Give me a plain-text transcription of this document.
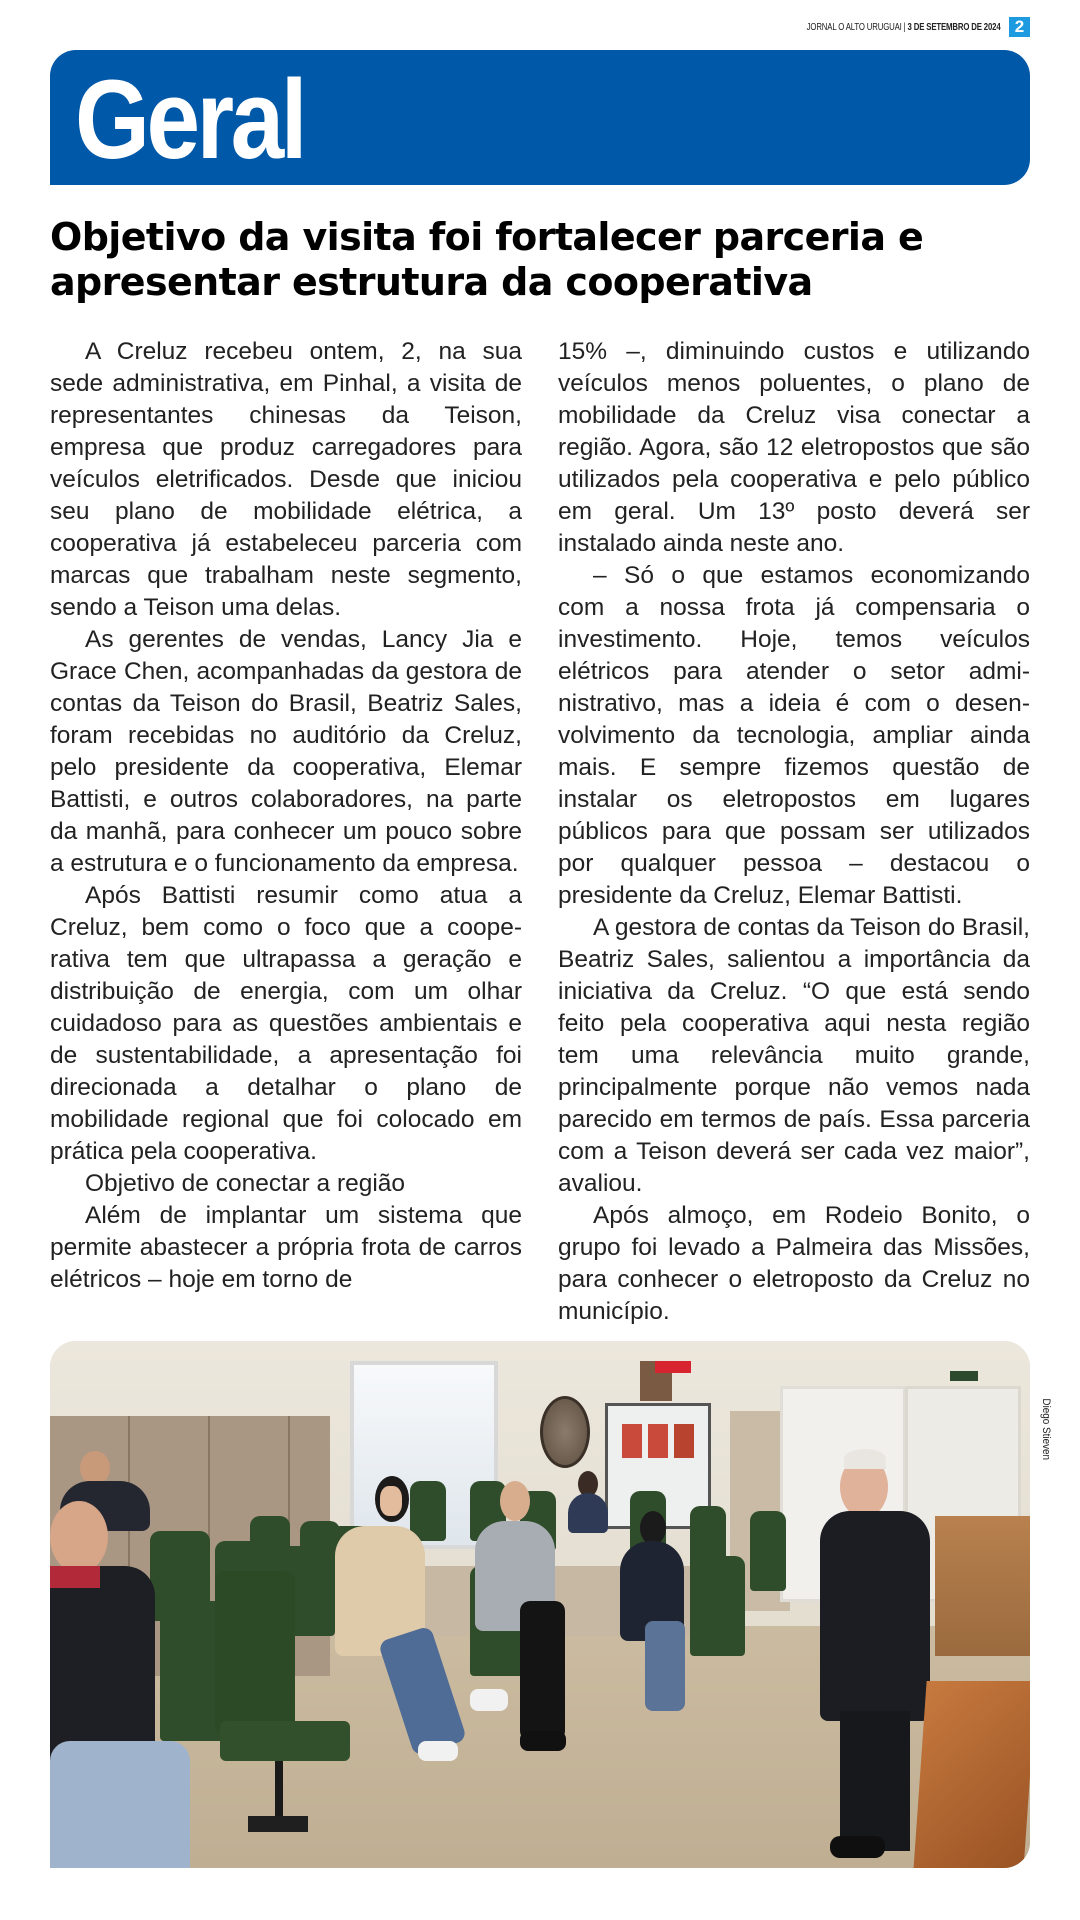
JORNAL O ALTO URUGUAI | 3 DE SETEMBRO DE 2024 2
Geral
Objetivo da visita foi fortalecer parceria e apresentar estrutura da cooperativa

A Creluz recebeu ontem, 2, na sua sede administrativa, em Pinhal, a visita de representantes chinesas da Teison, empresa que produz carregadores para veículos eletrificados. Desde que iniciou seu plano de mobilidade elétrica, a cooperativa já estabeleceu parceria com marcas que trabalham neste segmento, sendo a Teison uma delas.

As gerentes de vendas, Lancy Jia e Grace Chen, acompanhadas da gestora de contas da Teison do Brasil, Beatriz Sales, foram recebidas no auditório da Creluz, pelo presidente da cooperativa, Elemar Battisti, e outros colaboradores, na parte da manhã, para conhecer um pouco sobre a estrutura e o funcionamento da empresa.

Após Battisti resumir como atua a Creluz, bem como o foco que a cooperativa tem que ultrapassa a geração e distribuição de energia, com um olhar cuidadoso para as questões ambientais e de sustentabilidade, a apresentação foi direcionada a detalhar o plano de mobilidade regional que foi colocado em prática pela cooperativa.

Objetivo de conectar a região

Além de implantar um sistema que permite abastecer a própria frota de carros elétricos – hoje em torno de

15% –, diminuindo custos e utilizando veículos menos poluentes, o plano de mobilidade da Creluz visa conectar a região. Agora, são 12 eletropostos que são utilizados pela cooperativa e pelo público em geral. Um 13º posto deverá ser instalado ainda neste ano.

– Só o que estamos economizando com a nossa frota já compensaria o investimento. Hoje, temos veículos elétricos para atender o setor administrativo, mas a ideia é com o desenvolvimento da tecnologia, ampliar ainda mais. E sempre fizemos questão de instalar os eletropostos em lugares públicos para que possam ser utilizados por qualquer pessoa – destacou o presidente da Creluz, Elemar Battisti.

A gestora de contas da Teison do Brasil, Beatriz Sales, salientou a importância da iniciativa da Creluz. “O que está sendo feito pela cooperativa aqui nesta região tem uma relevância muito grande, principalmente porque não vemos nada parecido em termos de país. Essa parceria com a Teison deverá ser cada vez maior”, avaliou.

Após almoço, em Rodeio Bonito, o grupo foi levado a Palmeira das Missões, para conhecer o eletroposto da Creluz no município.

Diego Stieven
